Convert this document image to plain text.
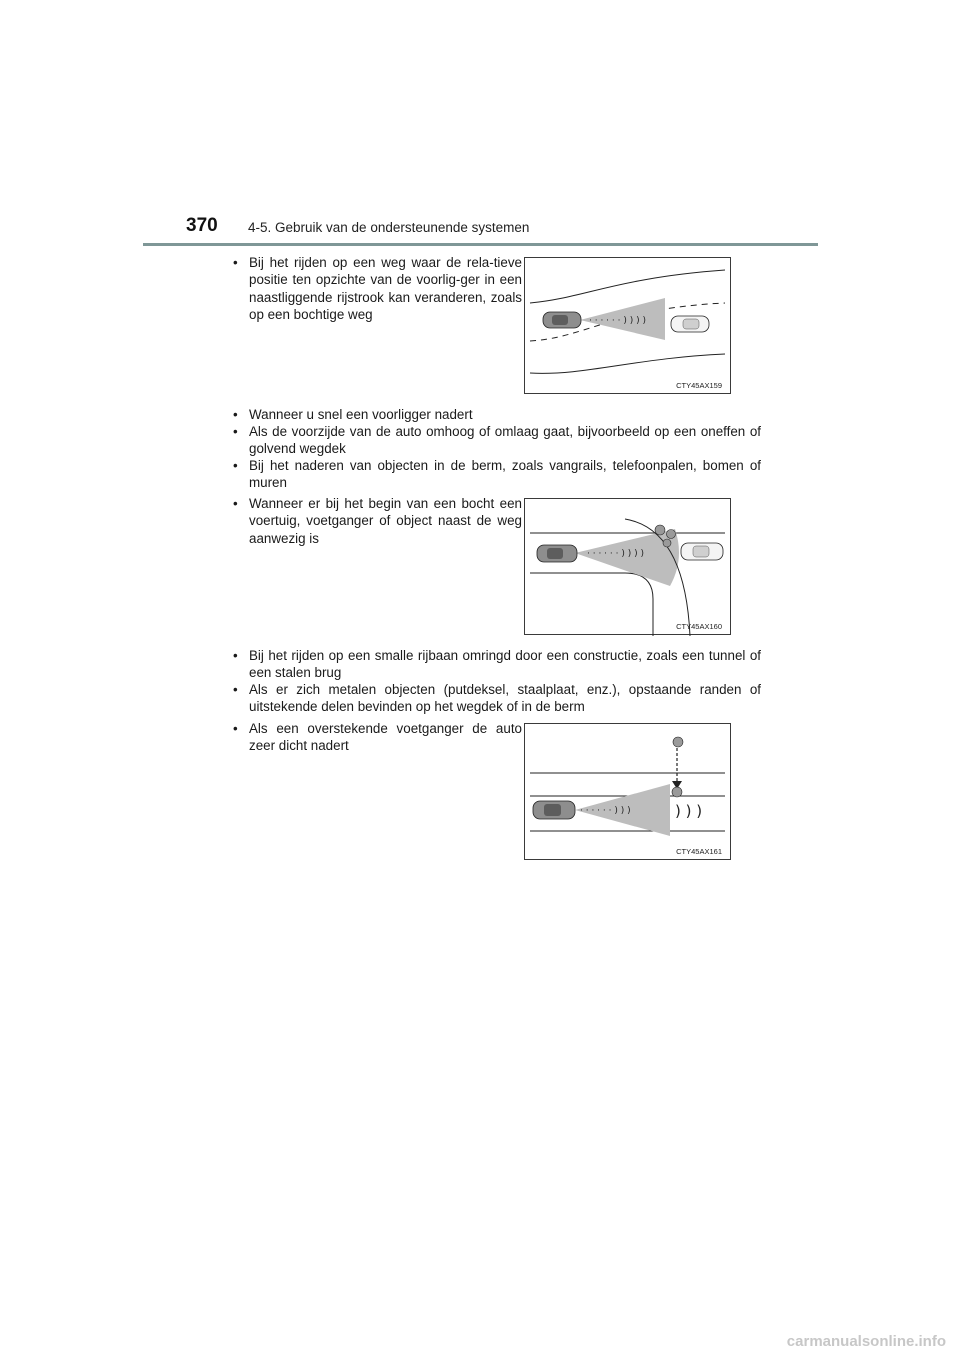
370 4-5. Gebruik van de ondersteunende systemen
• Bij het rijden op een weg waar de rela-tieve positie ten opzichte van de voorlig-ger in een naastliggende rijstrook kan veranderen, zoals op een bochtige weg	· · · · · · ) ) ) )
CTY45AX159
• Wanneer u snel een voorligger nadert
• Als de voorzijde van de auto omhoog of omlaag gaat, bijvoorbeeld op een oneffen of golvend wegdek
• Bij het naderen van objecten in de berm, zoals vangrails, telefoonpalen, bomen of muren
• Wanneer er bij het begin van een bocht een voertuig, voetganger of object naast de weg aanwezig is
· · · · · · ) ) ) )
CTY45AX160
• Bij het rijden op een smalle rijbaan omringd door een constructie, zoals een tunnel of een stalen brug
• Als er zich metalen objecten (putdeksel, staalplaat, enz.), opstaande randen of uitstekende delen bevinden op het wegdek of in de berm
• Als een overstekende voetganger de auto zeer dicht nadert
· · · · · · ) ) )	) ) )
CTY45AX161
carmanualsonline.info
